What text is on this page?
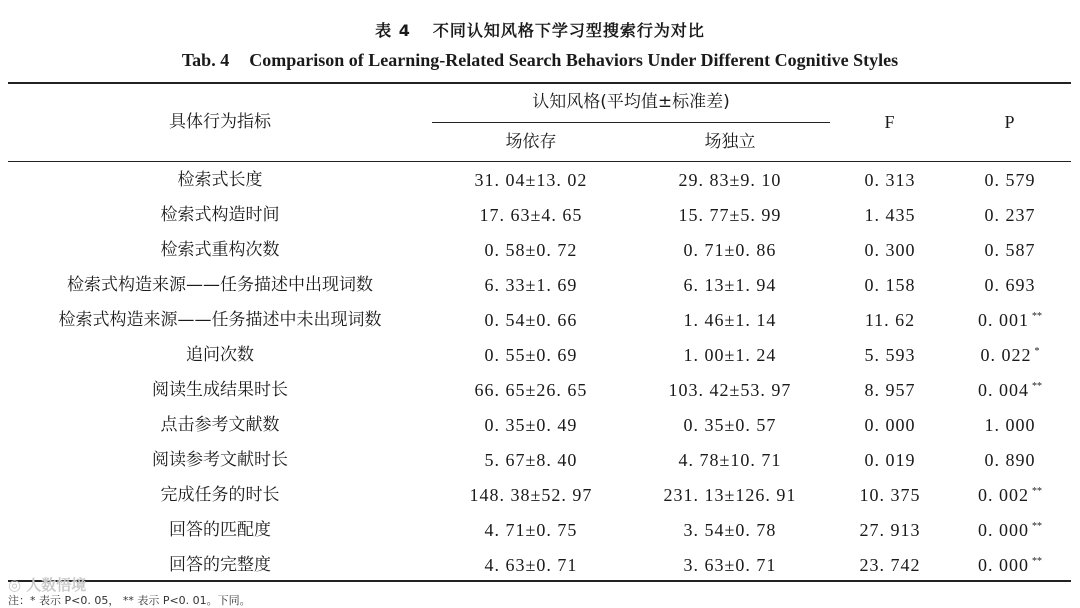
表 4 不同认知风格下学习型搜索行为对比
Tab. 4 Comparison of Learning-Related Search Behaviors Under Different Cognitive Styles
具体行为指标
认知风格(平均值±标准差)
场依存	场独立
F	P
检索式长度	31. 04±13. 02	29. 83±9. 10	0. 313	0. 579
检索式构造时间	17. 63±4. 65	15. 77±5. 99	1. 435	0. 237
检索式重构次数	0. 58±0. 72	0. 71±0. 86	0. 300	0. 587
检索式构造来源——任务描述中出现词数	6. 33±1. 69	6. 13±1. 94	0. 158	0. 693
检索式构造来源——任务描述中未出现词数	0. 54±0. 66	1. 46±1. 14	11. 62	0. 001 **
追问次数	0. 55±0. 69	1. 00±1. 24	5. 593	0. 022 *
阅读生成结果时长	66. 65±26. 65	103. 42±53. 97	8. 957	0. 004 **
点击参考文献数	0. 35±0. 49	0. 35±0. 57	0. 000	1. 000
阅读参考文献时长	5. 67±8. 40	4. 78±10. 71	0. 019	0. 890
完成任务的时长	148. 38±52. 97	231. 13±126. 91	10. 375	0. 002 **
回答的匹配度	4. 71±0. 75	3. 54±0. 78	27. 913	0. 000 **
回答的完整度	4. 63±0. 71	3. 63±0. 71	23. 742	0. 000 **
◎ 人数悟境
注：* 表示 P<0. 05， ** 表示 P<0. 01。下同。
